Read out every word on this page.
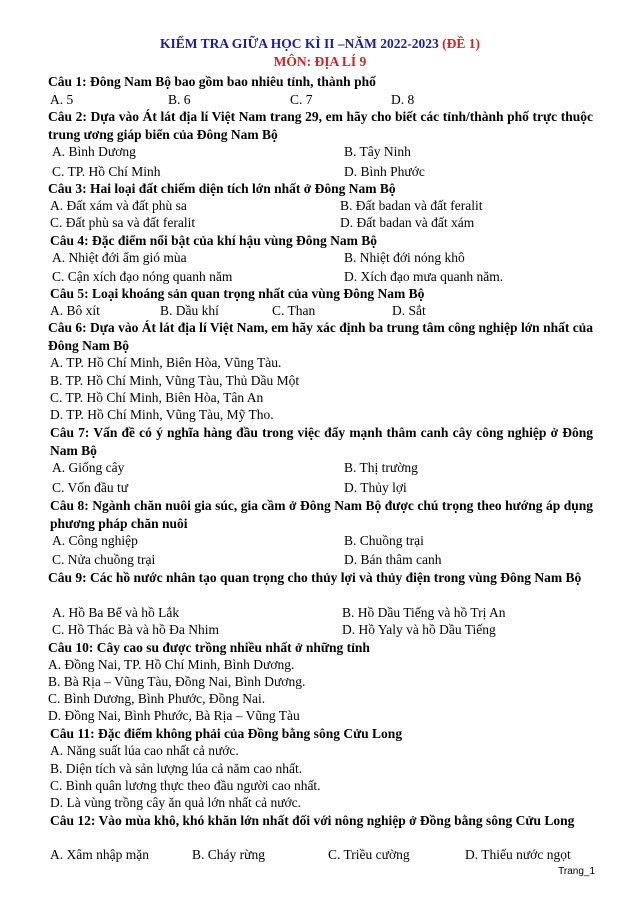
KIỂM TRA GIỮA HỌC KÌ II –NĂM 2022-2023 (ĐỀ 1)
MÔN: ĐỊA LÍ 9
Câu 1: Đông Nam Bộ bao gồm bao nhiêu tỉnh, thành phố
A. 5	B. 6	C. 7	D. 8
Câu 2: Dựa vào Át lát địa lí Việt Nam trang 29, em hãy cho biết các tỉnh/thành phố trực thuộc trung ương giáp biển của Đông Nam Bộ
A. Bình Dương	B. Tây Ninh
C. TP. Hồ Chí Minh	D. Bình Phước
Câu 3: Hai loại đất chiếm diện tích lớn nhất ở Đông Nam Bộ
A. Đất xám và đất phù sa	B. Đất badan và đất feralit
C. Đất phù sa và đất feralit	D. Đất badan và đất xám
Câu 4: Đặc điểm nổi bật của khí hậu vùng Đông Nam Bộ
A. Nhiệt đới ẩm gió mùa	B. Nhiệt đới nóng khô
C. Cận xích đạo nóng quanh năm	D. Xích đạo mưa quanh năm.
Câu 5: Loại khoáng sản quan trọng nhất của vùng Đông Nam Bộ
A. Bô xít	B. Dầu khí	C. Than	D. Sắt
Câu 6: Dựa vào Át lát địa lí Việt Nam, em hãy xác định ba trung tâm công nghiệp lớn nhất của Đông Nam Bộ
A. TP. Hồ Chí Minh, Biên Hòa, Vũng Tàu.
B. TP. Hồ Chí Minh, Vũng Tàu, Thủ Dầu Một
C. TP. Hồ Chí Minh, Biên Hòa, Tân An
D. TP. Hồ Chí Minh, Vũng Tàu, Mỹ Tho.
Câu 7: Vấn đề có ý nghĩa hàng đầu trong việc đẩy mạnh thâm canh cây công nghiệp ở Đông Nam Bộ
A. Giống cây	B. Thị trường
C. Vốn đầu tư	D. Thủy lợi
Câu 8: Ngành chăn nuôi gia súc, gia cầm ở Đông Nam Bộ được chú trọng theo hướng áp dụng phương pháp chăn nuôi
A. Công nghiệp	B. Chuồng trại
C. Nửa chuồng trại	D. Bán thâm canh
Câu 9: Các hồ nước nhân tạo quan trọng cho thủy lợi và thủy điện trong vùng Đông Nam Bộ
A. Hồ Ba Bể và hồ Lắk	B. Hồ Dầu Tiếng và hồ Trị An
C. Hồ Thác Bà và hồ Đa Nhim	D. Hồ Yaly và hồ Dầu Tiếng
Câu 10: Cây cao su được trồng nhiều nhất ở những tỉnh
A. Đồng Nai, TP. Hồ Chí Minh, Bình Dương.
B. Bà Rịa – Vũng Tàu, Đồng Nai, Bình Dương.
C. Bình Dương, Bình Phước, Đồng Nai.
D. Đồng Nai, Bình Phước, Bà Rịa – Vũng Tàu
Câu 11: Đặc điểm không phải của Đồng bằng sông Cửu Long
A. Năng suất lúa cao nhất cả nước.
B. Diện tích và sản lượng lúa cả năm cao nhất.
C. Bình quân lương thực theo đầu người cao nhất.
D. Là vùng trồng cây ăn quả lớn nhất cả nước.
Câu 12: Vào mùa khô, khó khăn lớn nhất đối với nông nghiệp ở Đồng bằng sông Cửu Long
A. Xâm nhập mặn	B. Cháy rừng	C. Triều cường	D. Thiếu nước ngọt
Trang_1
